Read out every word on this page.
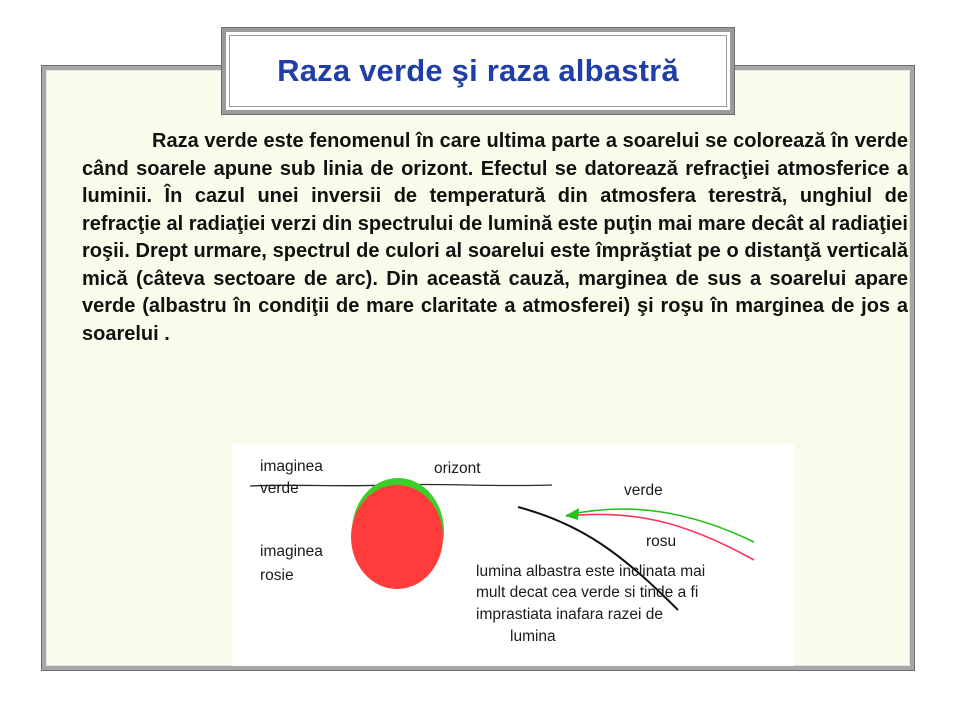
Raza verde şi raza albastră

Raza verde este fenomenul în care ultima parte a soarelui se colorează în verde când soarele apune sub linia de orizont. Efectul se datorează refracţiei atmosferice a luminii. În cazul unei inversii de temperatură din atmosfera terestră, unghiul de refracţie al radiaţiei verzi din spectrului de lumină este puţin mai mare decât al radiaţiei roşii. Drept urmare, spectrul de culori al soarelui este împrăştiat pe o distanţă verticală mică (câteva sectoare de arc). Din această cauză, marginea de sus a soarelui apare verde (albastru în condiţii de mare claritate a atmosferei) şi roşu în marginea de jos a soarelui .

imaginea
verde
orizont
imaginea
rosie
verde
rosu
lumina albastra este inclinata mai
mult decat cea verde si tinde a fi
imprastiata inafara razei de
lumina
